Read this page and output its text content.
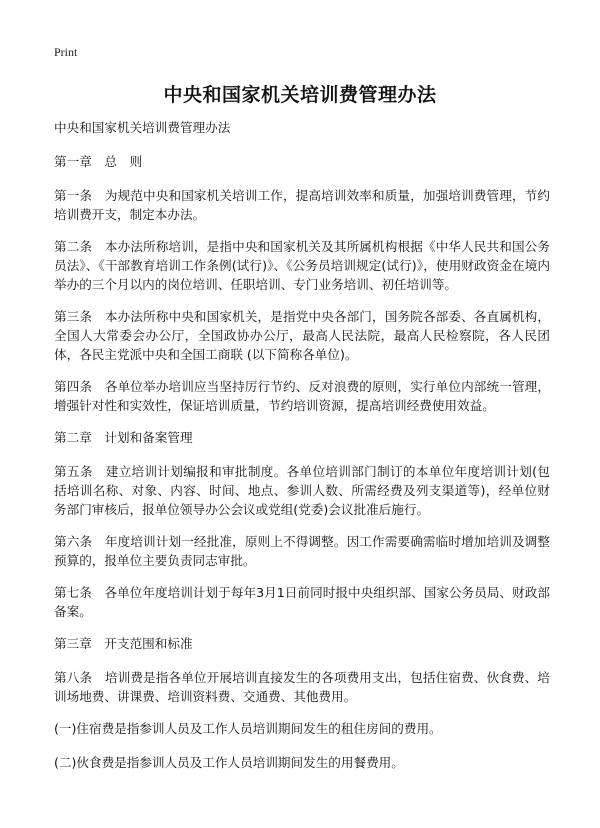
Print
中央和国家机关培训费管理办法

中央和国家机关培训费管理办法

第一章　总　则

第一条　为规范中央和国家机关培训工作，提高培训效率和质量，加强培训费管理，节约培训费开支，制定本办法。

第二条　本办法所称培训，是指中央和国家机关及其所属机构根据《中华人民共和国公务员法》、《干部教育培训工作条例(试行)》、《公务员培训规定(试行)》，使用财政资金在境内举办的三个月以内的岗位培训、任职培训、专门业务培训、初任培训等。

第三条　本办法所称中央和国家机关，是指党中央各部门，国务院各部委、各直属机构，全国人大常委会办公厅，全国政协办公厅，最高人民法院，最高人民检察院，各人民团体，各民主党派中央和全国工商联 (以下简称各单位)。

第四条　各单位举办培训应当坚持厉行节约、反对浪费的原则，实行单位内部统一管理，增强针对性和实效性，保证培训质量，节约培训资源，提高培训经费使用效益。

第二章　计划和备案管理

第五条　建立培训计划编报和审批制度。各单位培训部门制订的本单位年度培训计划(包括培训名称、对象、内容、时间、地点、参训人数、所需经费及列支渠道等)，经单位财务部门审核后，报单位领导办公会议或党组(党委)会议批准后施行。

第六条　年度培训计划一经批准，原则上不得调整。因工作需要确需临时增加培训及调整预算的，报单位主要负责同志审批。

第七条　各单位年度培训计划于每年3月1日前同时报中央组织部、国家公务员局、财政部备案。

第三章　开支范围和标准

第八条　培训费是指各单位开展培训直接发生的各项费用支出，包括住宿费、伙食费、培训场地费、讲课费、培训资料费、交通费、其他费用。

(一)住宿费是指参训人员及工作人员培训期间发生的租住房间的费用。

(二)伙食费是指参训人员及工作人员培训期间发生的用餐费用。
